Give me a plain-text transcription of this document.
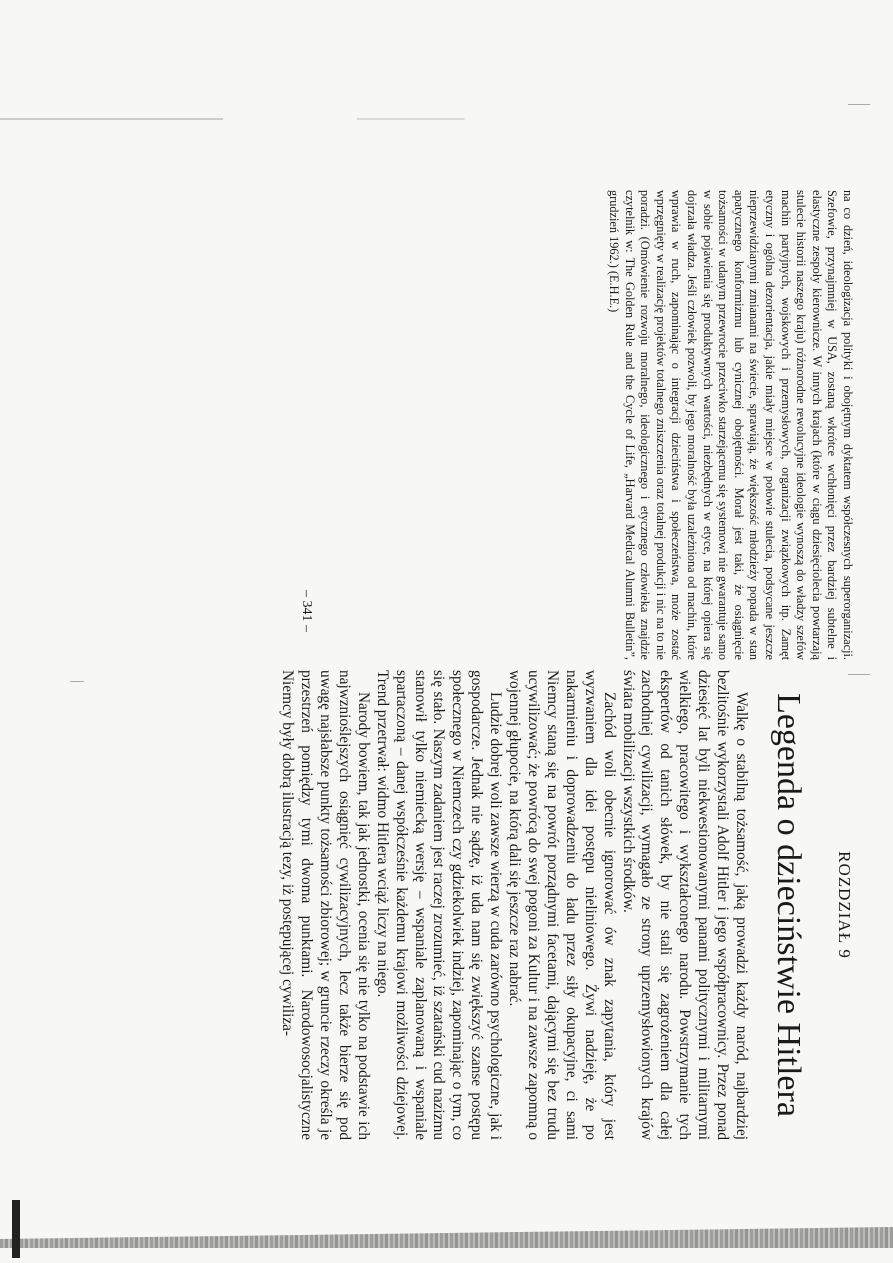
na co dzień, ideologizacja polityki i obojętnym dyktatem współczesnych superorganizacji. Szefowie, przynajmniej w USA, zostaną wkrótce wchłonięci przez bardziej subtelne i elastyczne zespoły kierownicze. W innych krajach (które w ciągu dziesięciolecia powtarzają stulecie historii naszego kraju) różnorodne rewolucyjne ideologie wynoszą do władzy szefów machin partyjnych, wojskowych i przemysłowych, organizacji związkowych itp. Zamęt etyczny i ogólna dezorientacja, jakie miały miejsce w połowie stulecia, podsycane jeszcze nieprzewidzianymi zmianami na świecie, sprawiają, że większość młodzieży popada w stan apatycznego konformizmu lub cynicznej obojętności. Morał jest taki, że osiągnięcie tożsamości w udanym przewrocie przeciwko starzejącemu się systemowi nie gwarantuje samo w sobie pojawienia się produktywnych wartości, niezbędnych w etyce, na której opiera się dojrzała władza. Jeśli człowiek pozwoli, by jego moralność była uzależniona od machin, które wprawia w ruch, zapominając o integracji dzieciństwa i społeczeństwa, może zostać wprzęgnięty w realizację projektów totalnego zniszczenia oraz totalnej produkcji i nic na to nie poradzi. (Omówienie rozwoju moralnego, ideologicznego i etycznego człowieka znajdzie czytelnik w: The Golden Rule and the Cycle of Life, „Harvard Medical Alumni Bulletin”, grudzień 1962.) (E.H.E.)

ROZDZIAŁ 9
Legenda o dzieciństwie Hitlera

Walkę o stabilną tożsamość, jaką prowadzi każdy naród, najbardziej bezlitośnie wykorzystali Adolf Hitler i jego współpracownicy. Przez ponad dziesięć lat byli niekwestionowanymi panami politycznymi i militarnymi wielkiego, pracowitego i wykształconego narodu. Powstrzymanie tych ekspertów od tanich słówek, by nie stali się zagrożeniem dla całej zachodniej cywilizacji, wymagało ze strony uprzemysłowionych krajów świata mobilizacji wszystkich środków.

Zachód woli obecnie ignorować ów znak zapytania, który jest wyzwaniem dla idei postępu nieliniowego. Żywi nadzieję, że po nakarmieniu i doprowadzeniu do ładu przez siły okupacyjne, ci sami Niemcy staną się na powrót porządnymi facetami, dającymi się bez trudu ucywilizować; że powrócą do swej pogoni za Kultur i na zawsze zapomną o wojennej głupocie, na którą dali się jeszcze raz nabrać.

Ludzie dobrej woli zawsze wierzą w cuda zarówno psychologiczne, jak i gospodarcze. Jednak nie sądzę, iż uda nam się zwiększyć szanse postępu społecznego w Niemczech czy gdziekolwiek indziej, zapominając o tym, co się stało. Naszym zadaniem jest raczej zrozumieć, iż szatański cud nazizmu stanowił tylko niemiecką wersję – wspaniale zaplanowaną i wspaniale spartaczoną – danej współcześnie każdemu krajowi możliwości dziejowej. Trend przetrwał: widmo Hitlera wciąż liczy na niego.

Narody bowiem, tak jak jednostki, ocenia się nie tylko na podstawie ich najwznioślejszych osiągnięć cywilizacyjnych, lecz także bierze się pod uwagę najsłabsze punkty tożsamości zbiorowej; w gruncie rzeczy określa je przestrzeń pomiędzy tymi dwoma punktami. Narodowosocjalistyczne Niemcy były dobrą ilustracją tezy, iż postępującej cywiliza-

– 341 –
